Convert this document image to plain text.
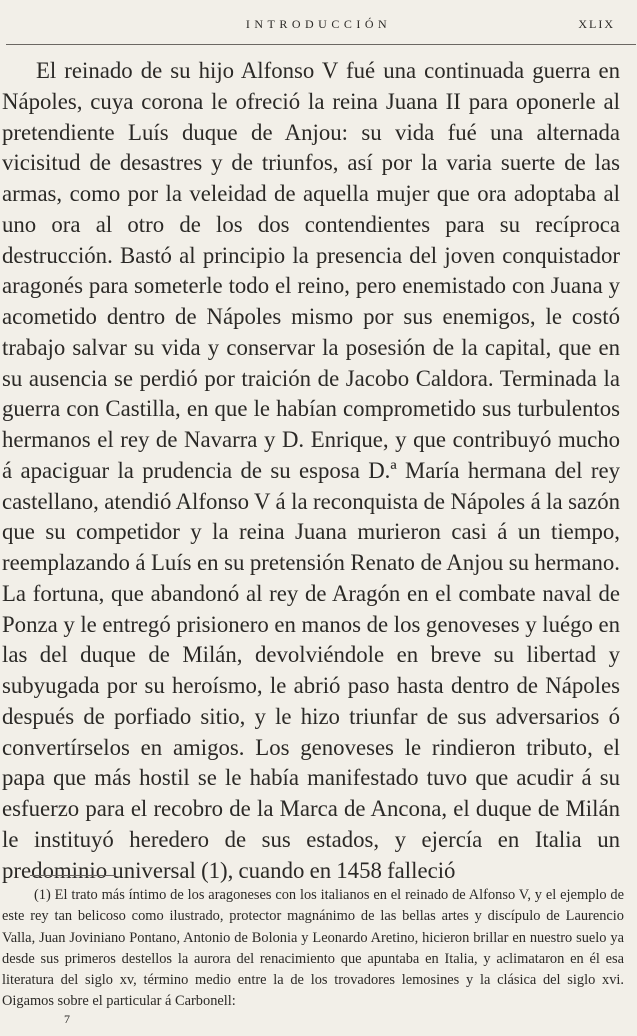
INTRODUCCIÓN	XLIX

El reinado de su hijo Alfonso V fué una continuada guerra en Nápoles, cuya corona le ofreció la reina Juana II para oponerle al pretendiente Luís duque de Anjou: su vida fué una alternada vicisitud de desastres y de triunfos, así por la varia suerte de las armas, como por la veleidad de aquella mujer que ora adoptaba al uno ora al otro de los dos contendientes para su recíproca destrucción. Bastó al principio la presencia del joven conquistador aragonés para someterle todo el reino, pero enemistado con Juana y acometido dentro de Nápoles mismo por sus enemigos, le costó trabajo salvar su vida y conservar la posesión de la capital, que en su ausencia se perdió por traición de Jacobo Caldora. Terminada la guerra con Castilla, en que le habían comprometido sus turbulentos hermanos el rey de Navarra y D. Enrique, y que contribuyó mucho á apaciguar la prudencia de su esposa D.ª María hermana del rey castellano, atendió Alfonso V á la reconquista de Nápoles á la sazón que su competidor y la reina Juana murieron casi á un tiempo, reemplazando á Luís en su pretensión Renato de Anjou su hermano. La fortuna, que abandonó al rey de Aragón en el combate naval de Ponza y le entregó prisionero en manos de los genoveses y luégo en las del duque de Milán, devolviéndole en breve su libertad y subyugada por su heroísmo, le abrió paso hasta dentro de Nápoles después de porfiado sitio, y le hizo triunfar de sus adversarios ó convertírselos en amigos. Los genoveses le rindieron tributo, el papa que más hostil se le había manifestado tuvo que acudir á su esfuerzo para el recobro de la Marca de Ancona, el duque de Milán le instituyó heredero de sus estados, y ejercía en Italia un predominio universal (1), cuando en 1458 falleció

(1) El trato más íntimo de los aragoneses con los italianos en el reinado de Alfonso V, y el ejemplo de este rey tan belicoso como ilustrado, protector magnánimo de las bellas artes y discípulo de Laurencio Valla, Juan Joviniano Pontano, Antonio de Bolonia y Leonardo Aretino, hicieron brillar en nuestro suelo ya desde sus primeros destellos la aurora del renacimiento que apuntaba en Italia, y aclimataron en él esa literatura del siglo xv, término medio entre la de los trovadores lemosines y la clásica del siglo xvi. Oigamos sobre el particular á Carbonell:

7
